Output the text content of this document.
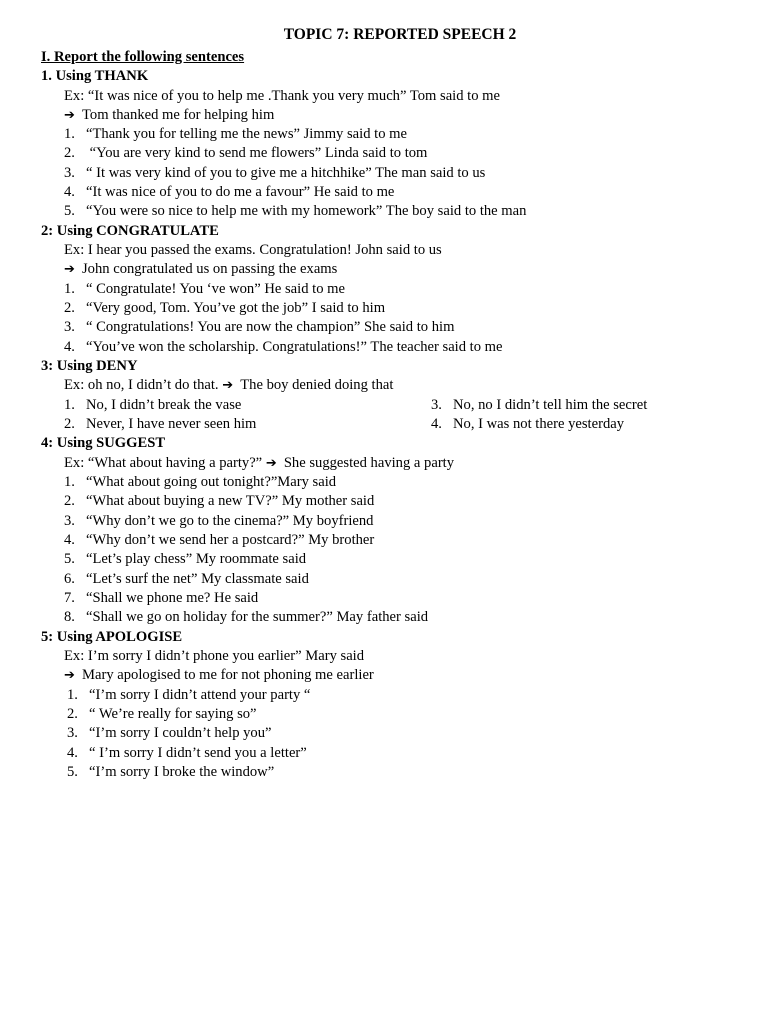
TOPIC 7: REPORTED SPEECH 2
I. Report the following sentences
1. Using THANK
Ex: “It was nice of you to help me .Thank you very much” Tom said to me
➔ Tom thanked me for helping him
1. “Thank you for telling me the news” Jimmy said to me
2. “You are very kind to send me flowers” Linda said to tom
3. “ It was very kind of you to give me a hitchhike” The man said to us
4. “It was nice of you to do me a favour” He said to me
5. “You were so nice to help me with my homework” The boy said to the man
2: Using CONGRATULATE
Ex: I hear you passed the exams. Congratulation! John said to us
➔ John congratulated us on passing the exams
1. “ Congratulate! You ‘ve won” He said to me
2. “Very good, Tom. You’ve got the job” I said to him
3. “ Congratulations! You are now the champion” She said to him
4. “You’ve won the scholarship. Congratulations!” The teacher said to me
3: Using DENY
Ex: oh no, I didn’t do that. ➔ The boy denied doing that
1. No, I didn’t break the vase	3. No, no I didn’t tell him the secret
2. Never, I have never seen him	4. No, I was not there yesterday
4: Using SUGGEST
Ex: “What about having a party?” ➔ She suggested having a party
1. “What about going out tonight?”Mary said
2. “What about buying a new TV?” My mother said
3. “Why don’t we go to the cinema?” My boyfriend
4. “Why don’t we send her a postcard?” My brother
5. “Let’s play chess” My roommate said
6. “Let’s surf the net” My classmate said
7. “Shall we phone me? He said
8. “Shall we go on holiday for the summer?” May father said
5: Using APOLOGISE
Ex: I’m sorry I didn’t phone you earlier” Mary said
➔ Mary apologised to me for not phoning me earlier
1. “I’m sorry I didn’t attend your party “
2. “ We’re really for saying so”
3. “I’m sorry I couldn’t help you”
4. “ I’m sorry I didn’t send you a letter”
5. “I’m sorry I broke the window”
